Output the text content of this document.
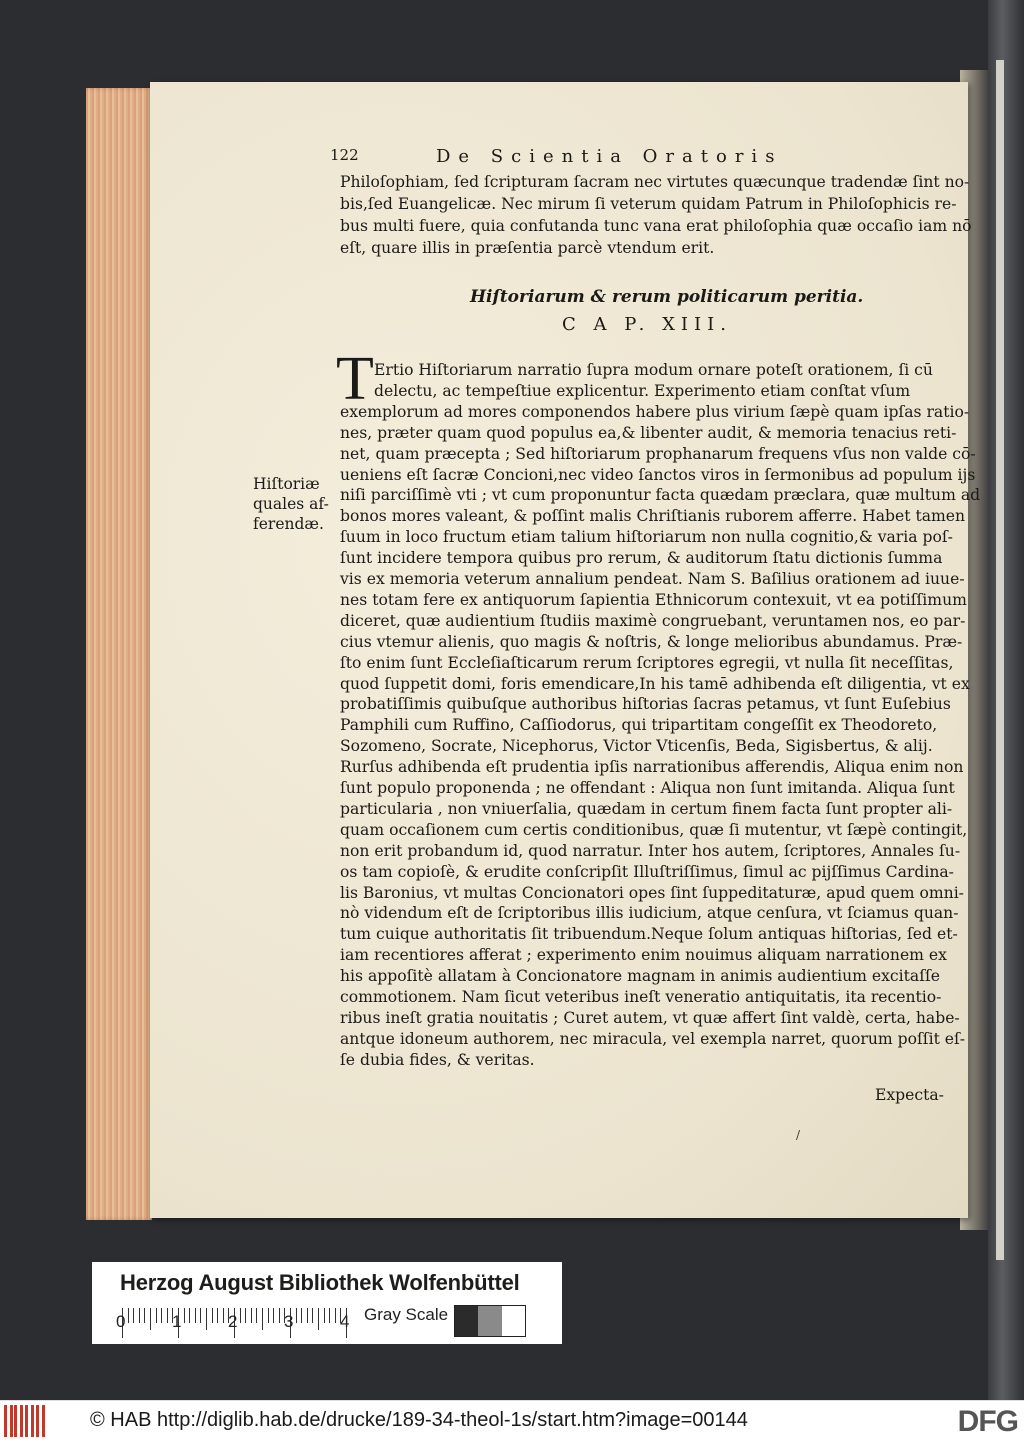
122	De Scientia Oratoris
Philoſophiam, ſed ſcripturam ſacram nec virtutes quæcunque tradendæ ſint no-
bis,ſed Euangelicæ. Nec mirum ſi veterum quidam Patrum in Philoſophicis re-
bus multi fuere, quia confutanda tunc vana erat philoſophia quæ occaſio iam nō
eſt, quare illis in præſentia parcè vtendum erit.
Hiſtoriarum & rerum politicarum peritia.
C A P. XIII.
T Ertio Hiſtoriarum narratio ſupra modum ornare poteſt orationem, ſi cū
delectu, ac tempeſtiue explicentur. Experimento etiam conſtat vſum
exemplorum ad mores componendos habere plus virium ſæpè quam ipſas ratio-
nes, præter quam quod populus ea,& libenter audit, & memoria tenacius reti-
net, quam præcepta ; Sed hiſtoriarum prophanarum frequens vſus non valde cō-
ueniens eſt ſacræ Concioni,nec video ſanctos viros in ſermonibus ad populum ijs
niſi parciſſimè vti ; vt cum proponuntur facta quædam præclara, quæ multum ad
bonos mores valeant, & poſſint malis Chriſtianis ruborem afferre. Habet tamen
ſuum in loco fructum etiam talium hiſtoriarum non nulla cognitio,& varia poſ-
ſunt incidere tempora quibus pro rerum, & auditorum ſtatu dictionis ſumma
vis ex memoria veterum annalium pendeat. Nam S. Baſilius orationem ad iuue-
nes totam fere ex antiquorum ſapientia Ethnicorum contexuit, vt ea potiſſimum
diceret, quæ audientium ſtudiis maximè congruebant, veruntamen nos, eo par-
cius vtemur alienis, quo magis & noſtris, & longe melioribus abundamus. Præ-
ſto enim ſunt Eccleſiaſticarum rerum ſcriptores egregii, vt nulla ſit neceſſitas,
quod ſuppetit domi, foris emendicare,In his tamē adhibenda eſt diligentia, vt ex
probatiſſimis quibuſque authoribus hiſtorias ſacras petamus, vt ſunt Euſebius
Pamphili cum Ruffino, Caſſiodorus, qui tripartitam congeſſit ex Theodoreto,
Sozomeno, Socrate, Nicephorus, Victor Vticenſis, Beda, Sigisbertus, & alij.
Rurſus adhibenda eſt prudentia ipſis narrationibus afferendis, Aliqua enim non
ſunt populo proponenda ; ne offendant : Aliqua non ſunt imitanda. Aliqua ſunt
particularia , non vniuerſalia, quædam in certum finem facta ſunt propter ali-
quam occaſionem cum certis conditionibus, quæ ſi mutentur, vt ſæpè contingit,
non erit probandum id, quod narratur. Inter hos autem, ſcriptores, Annales ſu-
os tam copioſè, & erudite conſcripſit Illuſtriſſimus, ſimul ac pijſſimus Cardina-
lis Baronius, vt multas Concionatori opes ſint ſuppeditaturæ, apud quem omni-
nò videndum eſt de ſcriptoribus illis iudicium, atque cenſura, vt ſciamus quan-
tum cuique authoritatis ſit tribuendum.Neque ſolum antiquas hiſtorias, ſed et-
iam recentiores afferat ; experimento enim nouimus aliquam narrationem ex
his appoſitè allatam à Concionatore magnam in animis audientium excitaſſe
commotionem. Nam ſicut veteribus ineſt veneratio antiquitatis, ita recentio-
ribus ineſt gratia nouitatis ; Curet autem, vt quæ affert ſint valdè, certa, habe-
antque idoneum authorem, nec miracula, vel exempla narret, quorum poſſit eſ-
ſe dubia fides, & veritas.
Hiſtoriæ
quales af-
ferendæ.
Expecta-
/
Herzog August Bibliothek Wolfenbüttel
0	1	2	3	4 Gray Scale
© HAB http://diglib.hab.de/drucke/189-34-theol-1s/start.htm?image=00144	DFG
